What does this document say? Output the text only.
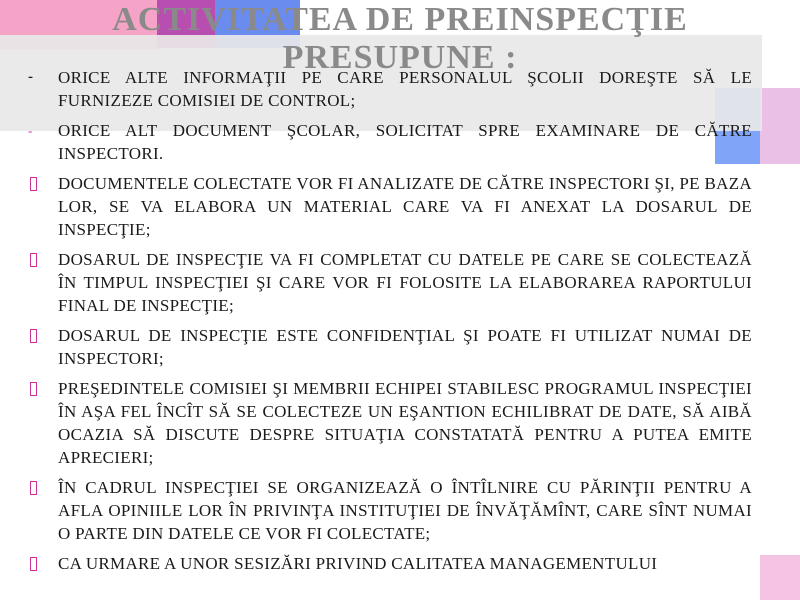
ACTIVITATEA DE PREINSPECŢIE
PRESUPUNE :
- ORICE ALTE INFORMAŢII PE CARE PERSONALUL ŞCOLII DOREŞTE SĂ LE FURNIZEZE COMISIEI DE CONTROL;
- ORICE ALT DOCUMENT ŞCOLAR, SOLICITAT SPRE EXAMINARE DE CĂTRE INSPECTORI.
DOCUMENTELE COLECTATE VOR FI ANALIZATE DE CĂTRE INSPECTORI ŞI, PE BAZA LOR, SE VA ELABORA UN MATERIAL CARE VA FI ANEXAT LA DOSARUL DE INSPECŢIE;
DOSARUL DE INSPECŢIE VA FI COMPLETAT CU DATELE PE CARE SE COLECTEAZĂ ÎN TIMPUL INSPECŢIEI ŞI CARE VOR FI FOLOSITE LA ELABORAREA RAPORTULUI FINAL DE INSPECŢIE;
DOSARUL DE INSPECŢIE ESTE CONFIDENŢIAL ŞI POATE FI UTILIZAT NUMAI DE INSPECTORI;
PREŞEDINTELE COMISIEI ŞI MEMBRII ECHIPEI STABILESC PROGRAMUL INSPECŢIEI ÎN AŞA FEL ÎNCÎT SĂ SE COLECTEZE UN EŞANTION ECHILIBRAT DE DATE, SĂ AIBĂ OCAZIA SĂ DISCUTE DESPRE SITUAŢIA CONSTATATĂ PENTRU A PUTEA EMITE APRECIERI;
ÎN CADRUL INSPECŢIEI SE ORGANIZEAZĂ O ÎNTÎLNIRE CU PĂRINŢII PENTRU A AFLA OPINIILE LOR ÎN PRIVINŢA INSTITUŢIEI DE ÎNVĂŢĂMÎNT, CARE SÎNT NUMAI O PARTE DIN DATELE CE VOR FI COLECTATE;
CA URMARE A UNOR SESIZĂRI PRIVIND CALITATEA MANAGEMENTULUI
